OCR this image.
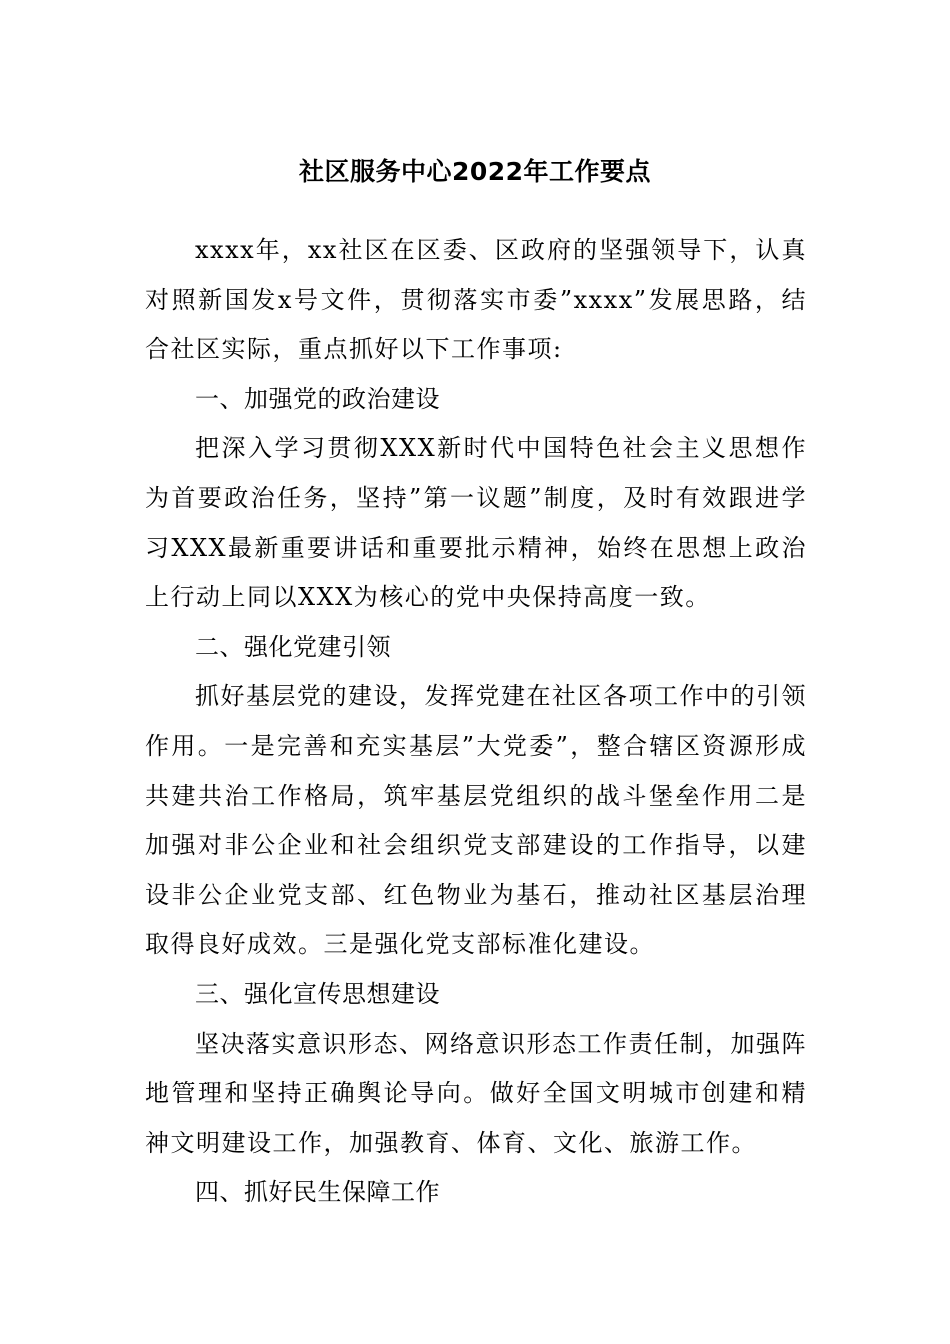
社区服务中心2022年工作要点

xxxx年，xx社区在区委、区政府的坚强领导下，认真对照新国发x号文件，贯彻落实市委”xxxx”发展思路，结合社区实际，重点抓好以下工作事项:

一、加强党的政治建设

把深入学习贯彻XXX新时代中国特色社会主义思想作为首要政治任务，坚持”第一议题”制度，及时有效跟进学习XXX最新重要讲话和重要批示精神，始终在思想上政治上行动上同以XXX为核心的党中央保持高度一致。

二、强化党建引领

抓好基层党的建设，发挥党建在社区各项工作中的引领作用。一是完善和充实基层”大党委”，整合辖区资源形成共建共治工作格局，筑牢基层党组织的战斗堡垒作用二是加强对非公企业和社会组织党支部建设的工作指导，以建设非公企业党支部、红色物业为基石，推动社区基层治理取得良好成效。三是强化党支部标准化建设。

三、强化宣传思想建设

坚决落实意识形态、网络意识形态工作责任制，加强阵地管理和坚持正确舆论导向。做好全国文明城市创建和精神文明建设工作，加强教育、体育、文化、旅游工作。

四、抓好民生保障工作
